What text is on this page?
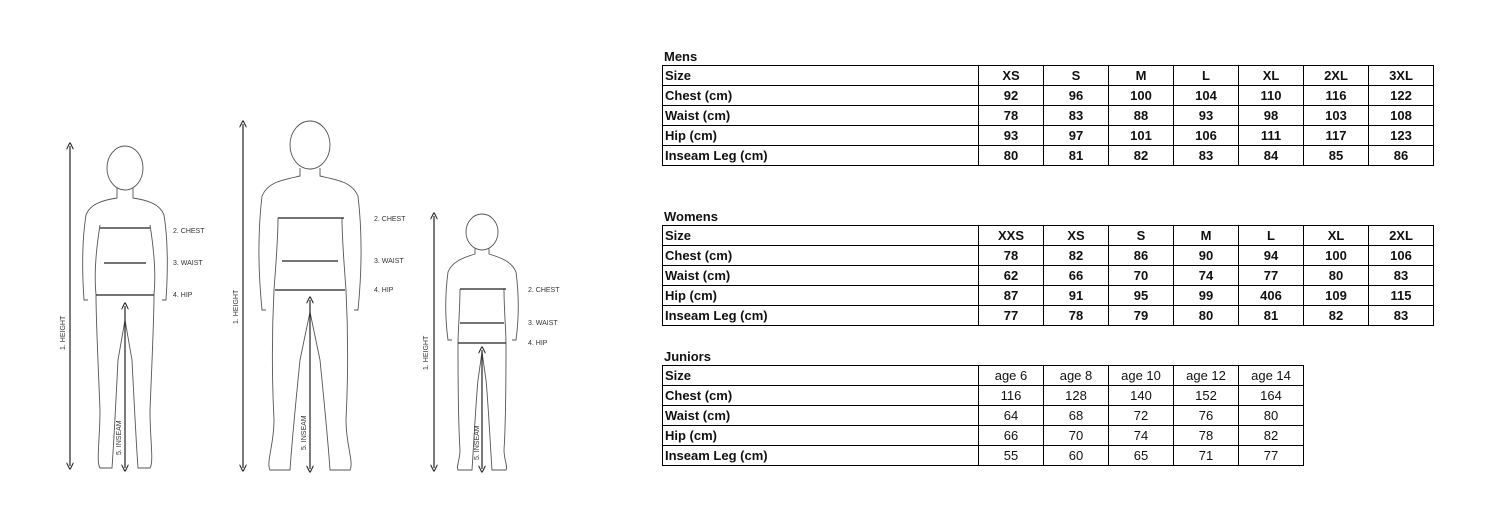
2. CHEST
3. WAIST
4. HIP
1. HEIGHT
5. INSEAM
2. CHEST
3. WAIST
4. HIP
1. HEIGHT
5. INSEAM
2. CHEST
3. WAIST
4. HIP
1. HEIGHT
5. INSEAM
Mens
Size	XS	S	M	L	XL	2XL	3XL
Chest (cm)	92	96	100	104	110	116	122
Waist (cm)	78	83	88	93	98	103	108
Hip (cm)	93	97	101	106	111	117	123
Inseam Leg (cm)	80	81	82	83	84	85	86
Womens
Size	XXS	XS	S	M	L	XL	2XL
Chest (cm)	78	82	86	90	94	100	106
Waist (cm)	62	66	70	74	77	80	83
Hip (cm)	87	91	95	99	406	109	115
Inseam Leg (cm)	77	78	79	80	81	82	83
Juniors
Size	age 6	age 8	age 10	age 12	age 14
Chest (cm)	116	128	140	152	164
Waist (cm)	64	68	72	76	80
Hip (cm)	66	70	74	78	82
Inseam Leg (cm)	55	60	65	71	77
